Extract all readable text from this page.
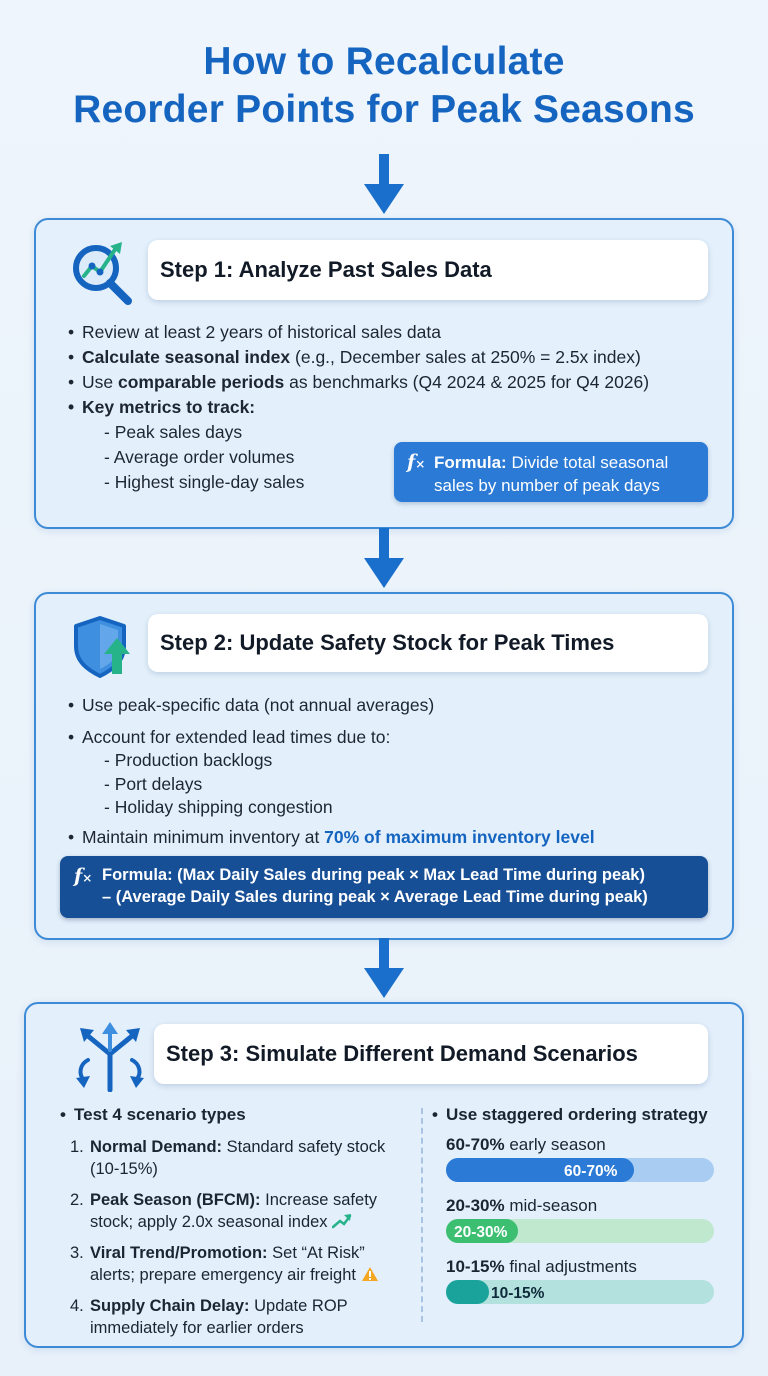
How to Recalculate
Reorder Points for Peak Seasons
Step 1: Analyze Past Sales Data
• Review at least 2 years of historical sales data
• Calculate seasonal index (e.g., December sales at 250% = 2.5x index)
• Use comparable periods as benchmarks (Q4 2024 & 2025 for Q4 2026)
• Key metrics to track:
- Peak sales days
- Average order volumes
- Highest single-day sales
f× Formula: Divide total seasonal sales by number of peak days
Step 2: Update Safety Stock for Peak Times
• Use peak-specific data (not annual averages)
• Account for extended lead times due to:
- Production backlogs
- Port delays
- Holiday shipping congestion
• Maintain minimum inventory at 70% of maximum inventory level
f× Formula: (Max Daily Sales during peak × Max Lead Time during peak)
– (Average Daily Sales during peak × Average Lead Time during peak)
Step 3: Simulate Different Demand Scenarios
• Test 4 scenario types
1. Normal Demand: Standard safety stock (10-15%)
2. Peak Season (BFCM): Increase safety stock; apply 2.0x seasonal index
3. Viral Trend/Promotion: Set “At Risk” alerts; prepare emergency air freight
4. Supply Chain Delay: Update ROP immediately for earlier orders
• Use staggered ordering strategy
60-70% early season
60-70%
20-30% mid-season
20-30%
10-15% final adjustments
10-15%
